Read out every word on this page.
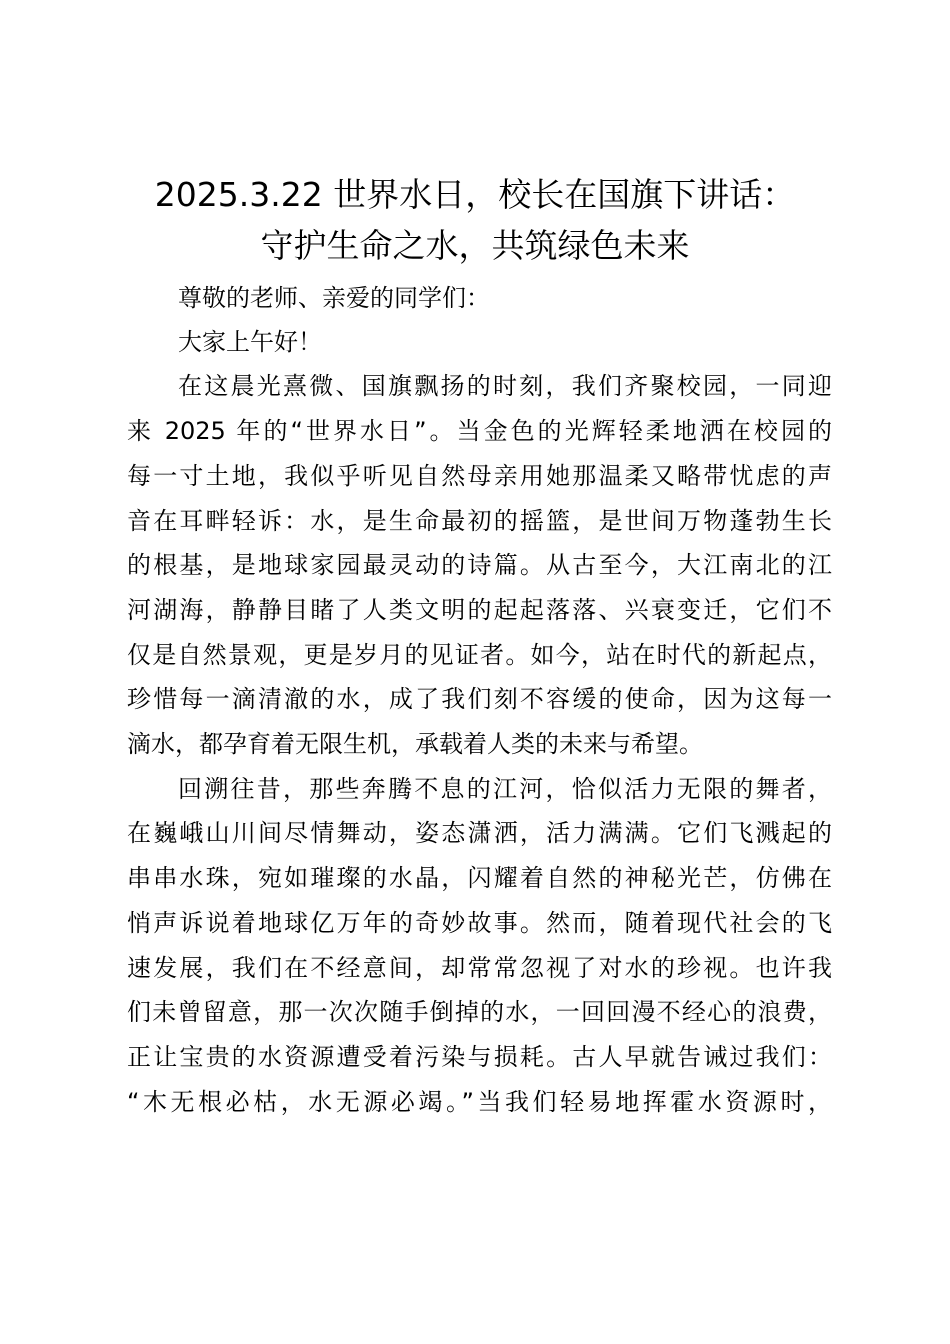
2025.3.22 世界水日，校长在国旗下讲话：
守护生命之水，共筑绿色未来
尊敬的老师、亲爱的同学们：
大家上午好！
在这晨光熹微、国旗飘扬的时刻，我们齐聚校园，一同迎
来 2025 年的“世界水日”。当金色的光辉轻柔地洒在校园的
每一寸土地，我似乎听见自然母亲用她那温柔又略带忧虑的声
音在耳畔轻诉：水，是生命最初的摇篮，是世间万物蓬勃生长
的根基，是地球家园最灵动的诗篇。从古至今，大江南北的江
河湖海，静静目睹了人类文明的起起落落、兴衰变迁，它们不
仅是自然景观，更是岁月的见证者。如今，站在时代的新起点，
珍惜每一滴清澈的水，成了我们刻不容缓的使命，因为这每一
滴水，都孕育着无限生机，承载着人类的未来与希望。
回溯往昔，那些奔腾不息的江河，恰似活力无限的舞者，
在巍峨山川间尽情舞动，姿态潇洒，活力满满。它们飞溅起的
串串水珠，宛如璀璨的水晶，闪耀着自然的神秘光芒，仿佛在
悄声诉说着地球亿万年的奇妙故事。然而，随着现代社会的飞
速发展，我们在不经意间，却常常忽视了对水的珍视。也许我
们未曾留意，那一次次随手倒掉的水，一回回漫不经心的浪费，
正让宝贵的水资源遭受着污染与损耗。古人早就告诫过我们：
“木无根必枯，水无源必竭。”当我们轻易地挥霍水资源时，
